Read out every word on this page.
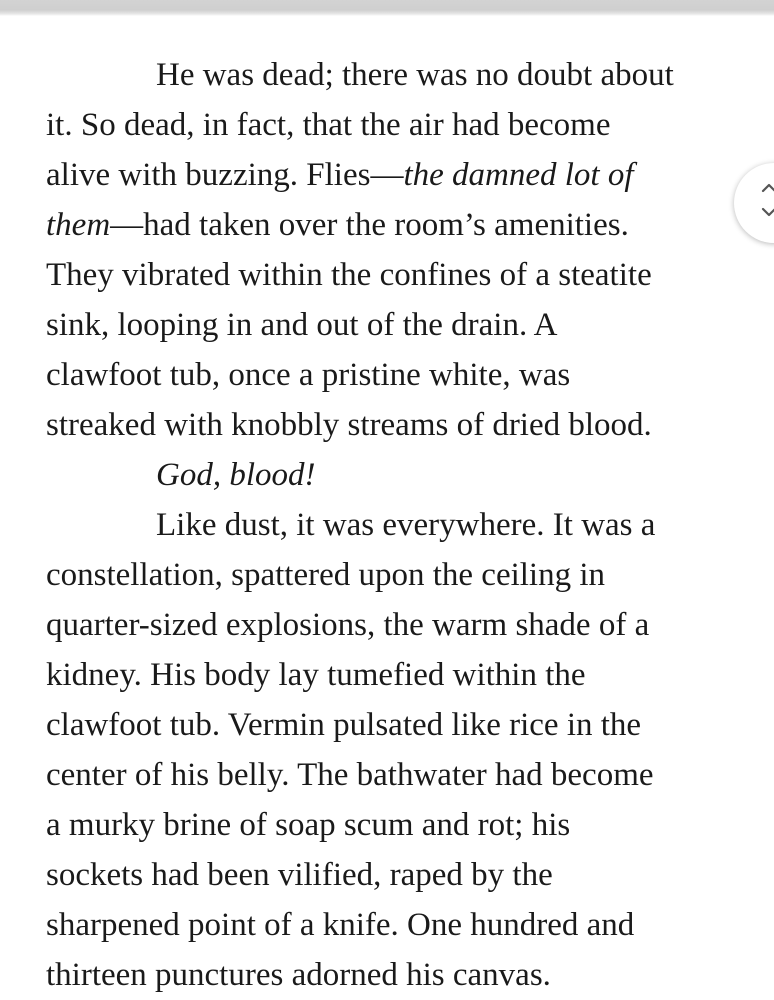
He was dead; there was no doubt about
it. So dead, in fact, that the air had become
alive with buzzing. Flies—the damned lot of
them—had taken over the room’s amenities.
They vibrated within the confines of a steatite
sink, looping in and out of the drain. A
clawfoot tub, once a pristine white, was
streaked with knobbly streams of dried blood.
God, blood!
Like dust, it was everywhere. It was a
constellation, spattered upon the ceiling in
quarter-sized explosions, the warm shade of a
kidney. His body lay tumefied within the
clawfoot tub. Vermin pulsated like rice in the
center of his belly. The bathwater had become
a murky brine of soap scum and rot; his
sockets had been vilified, raped by the
sharpened point of a knife. One hundred and
thirteen punctures adorned his canvas.
